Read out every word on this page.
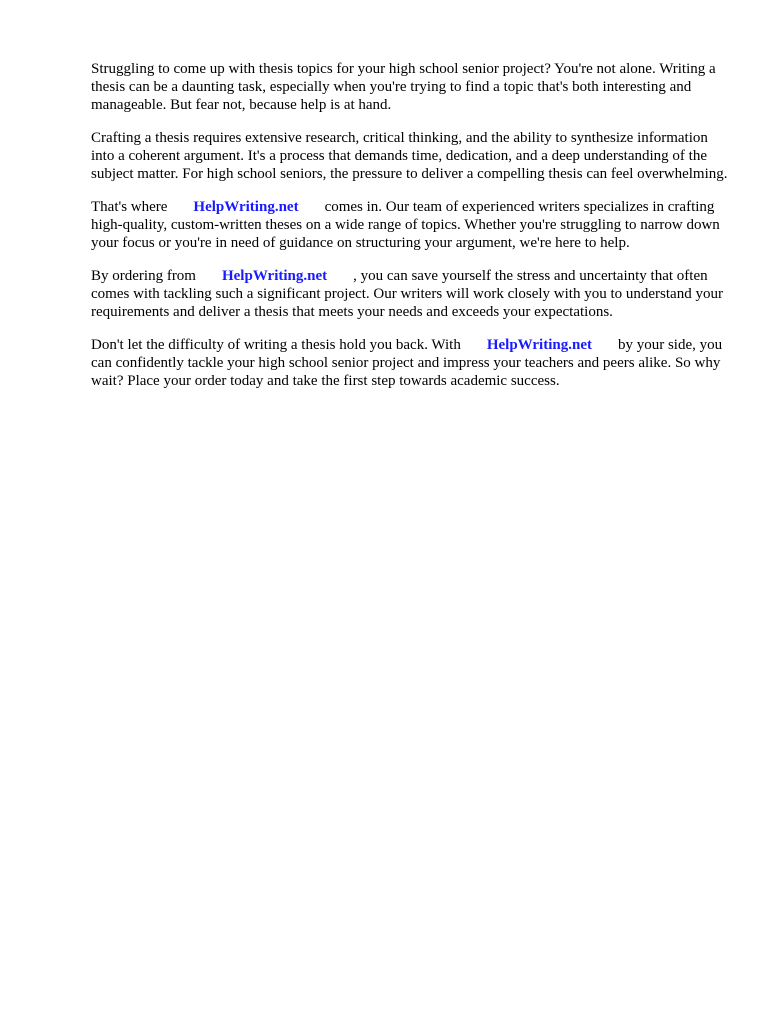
Struggling to come up with thesis topics for your high school senior project? You're not alone. Writing a thesis can be a daunting task, especially when you're trying to find a topic that's both interesting and manageable. But fear not, because help is at hand.

Crafting a thesis requires extensive research, critical thinking, and the ability to synthesize information into a coherent argument. It's a process that demands time, dedication, and a deep understanding of the subject matter. For high school seniors, the pressure to deliver a compelling thesis can feel overwhelming.

That's where HelpWriting.net comes in. Our team of experienced writers specializes in crafting high-quality, custom-written theses on a wide range of topics. Whether you're struggling to narrow down your focus or you're in need of guidance on structuring your argument, we're here to help.

By ordering from HelpWriting.net , you can save yourself the stress and uncertainty that often comes with tackling such a significant project. Our writers will work closely with you to understand your requirements and deliver a thesis that meets your needs and exceeds your expectations.

Don't let the difficulty of writing a thesis hold you back. With HelpWriting.net by your side, you can confidently tackle your high school senior project and impress your teachers and peers alike. So why wait? Place your order today and take the first step towards academic success.
